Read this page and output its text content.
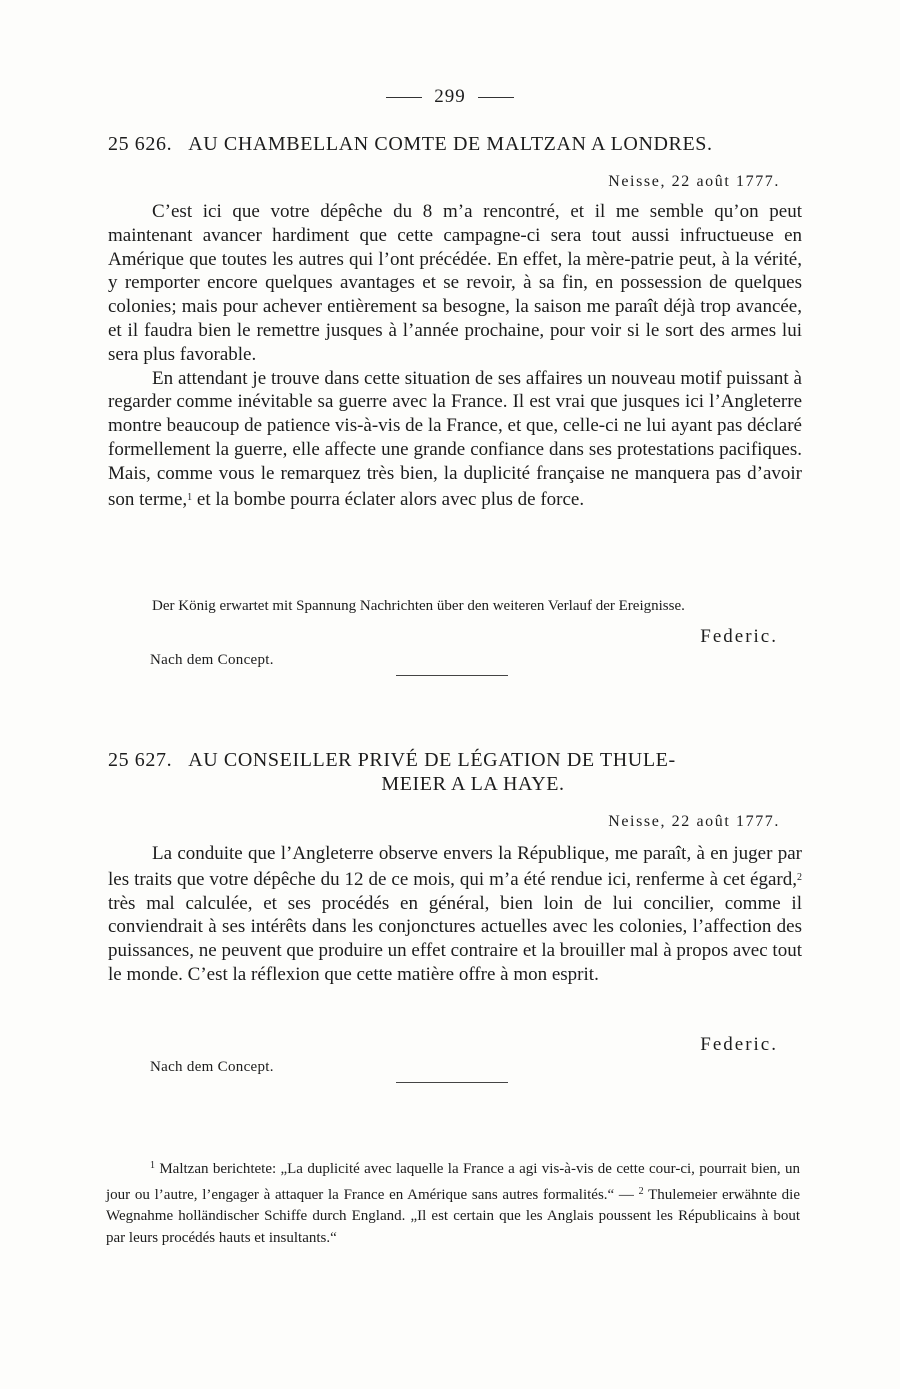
299
25 626. AU CHAMBELLAN COMTE DE MALTZAN A LONDRES.
Neisse, 22 août 1777.

C’est ici que votre dépêche du 8 m’a rencontré, et il me semble qu’on peut maintenant avancer hardiment que cette campagne-ci sera tout aussi infructueuse en Amérique que toutes les autres qui l’ont précédée. En effet, la mère-patrie peut, à la vérité, y remporter encore quelques avantages et se revoir, à sa fin, en possession de quelques colonies; mais pour achever entièrement sa besogne, la saison me paraît déjà trop avancée, et il faudra bien le remettre jusques à l’année prochaine, pour voir si le sort des armes lui sera plus favorable.

En attendant je trouve dans cette situation de ses affaires un nouveau motif puissant à regarder comme inévitable sa guerre avec la France. Il est vrai que jusques ici l’Angleterre montre beaucoup de patience vis-à-vis de la France, et que, celle-ci ne lui ayant pas déclaré formellement la guerre, elle affecte une grande confiance dans ses protestations pacifiques. Mais, comme vous le remarquez très bien, la duplicité française ne manquera pas d’avoir son terme,$^1$ et la bombe pourra éclater alors avec plus de force.

Der König erwartet mit Spannung Nachrichten über den weiteren Verlauf der Ereignisse.

Federic.
Nach dem Concept.
25 627. AU CONSEILLER PRIVÉ DE LÉGATION DE THULE-
MEIER A LA HAYE.
Neisse, 22 août 1777.

La conduite que l’Angleterre observe envers la République, me paraît, à en juger par les traits que votre dépêche du 12 de ce mois, qui m’a été rendue ici, renferme à cet égard,$^2$ très mal calculée, et ses procédés en général, bien loin de lui concilier, comme il conviendrait à ses intérêts dans les conjonctures actuelles avec les colonies, l’affection des puissances, ne peuvent que produire un effet contraire et la brouiller mal à propos avec tout le monde. C’est la réflexion que cette matière offre à mon esprit.

Federic.
Nach dem Concept.

$^1$ Maltzan berichtete: „La duplicité avec laquelle la France a agi vis-à-vis de cette cour-ci, pourrait bien, un jour ou l’autre, l’engager à attaquer la France en Amérique sans autres formalités.“ — $^2$ Thulemeier erwähnte die Wegnahme holländischer Schiffe durch England. „Il est certain que les Anglais poussent les Républicains à bout par leurs procédés hauts et insultants.“
